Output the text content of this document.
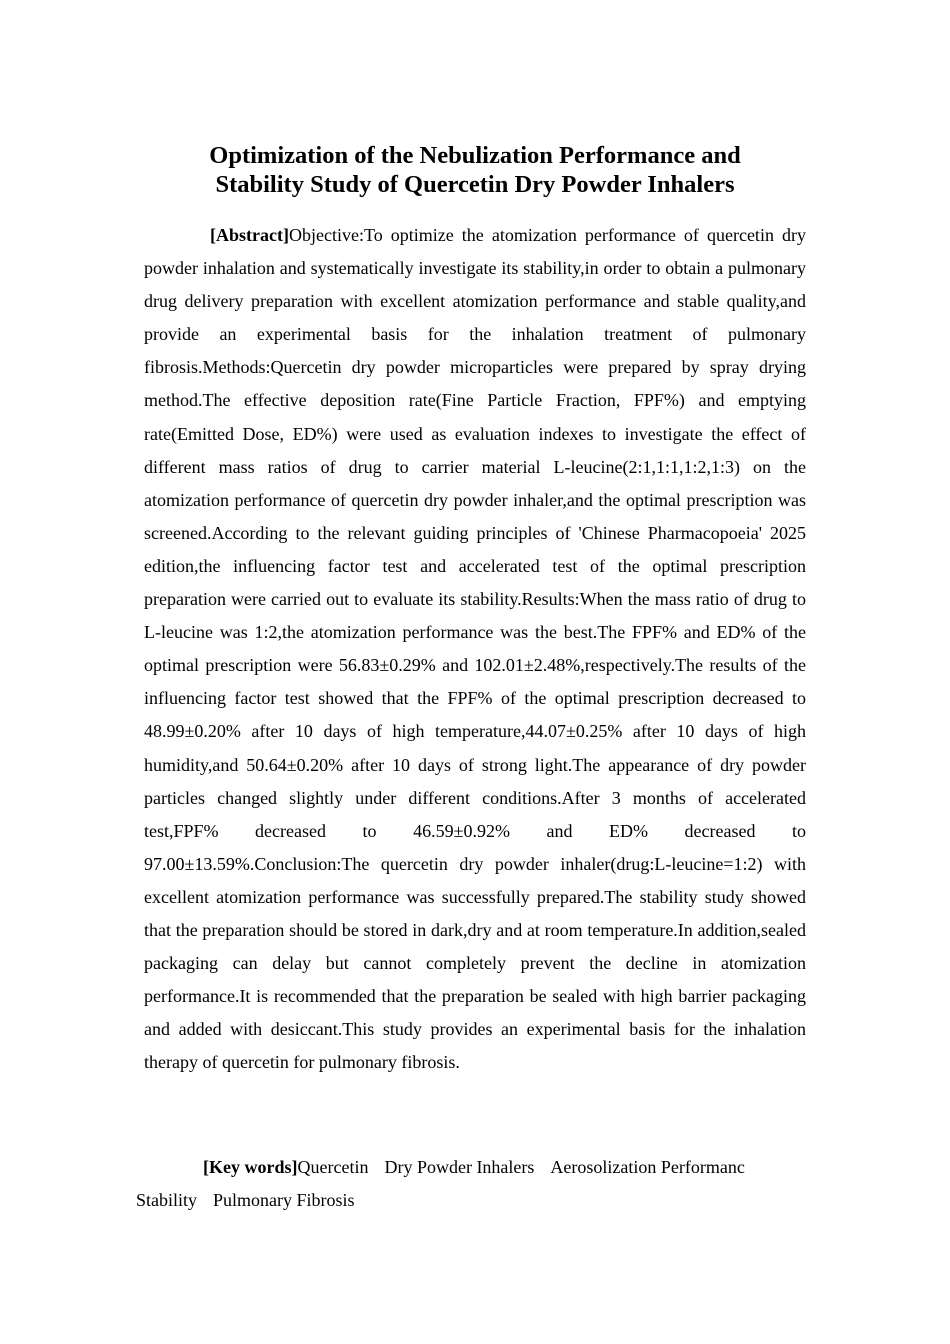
Optimization of the Nebulization Performance and
Stability Study of Quercetin Dry Powder Inhalers

[Abstract]Objective:To optimize the atomization performance of quercetin dry powder inhalation and systematically investigate its stability,in order to obtain a pulmonary drug delivery preparation with excellent atomization performance and stable quality,and provide an experimental basis for the inhalation treatment of pulmonary fibrosis.Methods:Quercetin dry powder microparticles were prepared by spray drying method.The effective deposition rate(Fine Particle Fraction, FPF%) and emptying rate(Emitted Dose, ED%) were used as evaluation indexes to investigate the effect of different mass ratios of drug to carrier material L-leucine(2:1,1:1,1:2,1:3) on the atomization performance of quercetin dry powder inhaler,and the optimal prescription was screened.According to the relevant guiding principles of 'Chinese Pharmacopoeia' 2025 edition,the influencing factor test and accelerated test of the optimal prescription preparation were carried out to evaluate its stability.Results:When the mass ratio of drug to L-leucine was 1:2,the atomization performance was the best.The FPF% and ED% of the optimal prescription were 56.83±0.29% and 102.01±2.48%,respectively.The results of the influencing factor test showed that the FPF% of the optimal prescription decreased to 48.99±0.20% after 10 days of high temperature,44.07±0.25% after 10 days of high humidity,and 50.64±0.20% after 10 days of strong light.The appearance of dry powder particles changed slightly under different conditions.After 3 months of accelerated test,FPF% decreased to 46.59±0.92% and ED% decreased to 97.00±13.59%.Conclusion:The quercetin dry powder inhaler(drug:L-leucine=1:2) with excellent atomization performance was successfully prepared.The stability study showed that the preparation should be stored in dark,dry and at room temperature.In addition,sealed packaging can delay but cannot completely prevent the decline in atomization performance.It is recommended that the preparation be sealed with high barrier packaging and added with desiccant.This study provides an experimental basis for the inhalation therapy of quercetin for pulmonary fibrosis.

[Key words]Quercetin Dry Powder Inhalers Aerosolization Performanc Stability Pulmonary Fibrosis
